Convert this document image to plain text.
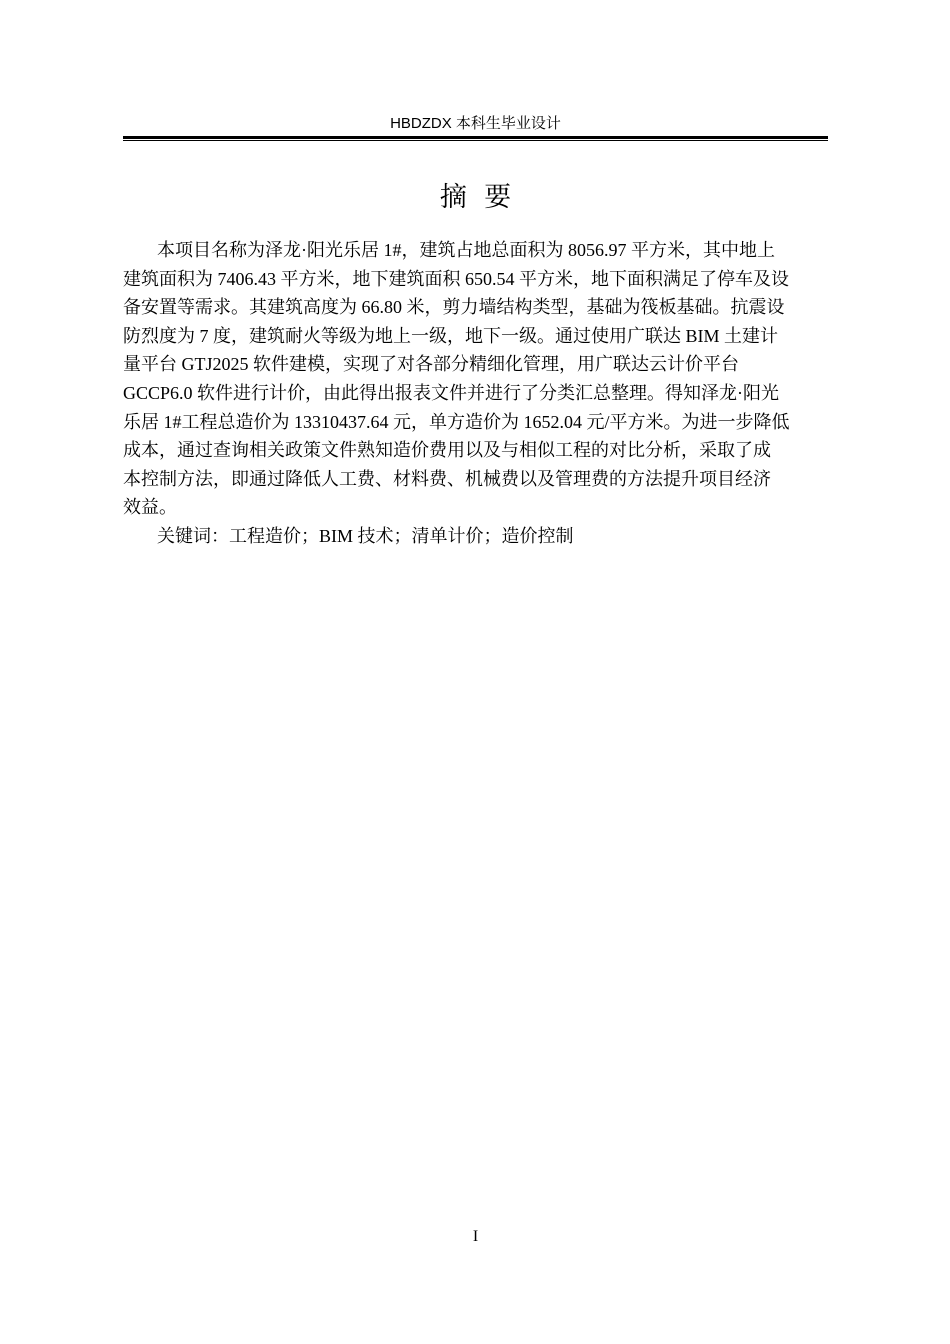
HBDZDX 本科生毕业设计
摘  要
本项目名称为泽龙·阳光乐居 1#，建筑占地总面积为 8056.97 平方米，其中地上
建筑面积为 7406.43 平方米，地下建筑面积 650.54 平方米，地下面积满足了停车及设
备安置等需求。其建筑高度为 66.80 米，剪力墙结构类型，基础为筏板基础。抗震设
防烈度为 7 度，建筑耐火等级为地上一级，地下一级。通过使用广联达 BIM 土建计
量平台 GTJ2025 软件建模，实现了对各部分精细化管理，用广联达云计价平台
GCCP6.0 软件进行计价，由此得出报表文件并进行了分类汇总整理。得知泽龙·阳光
乐居 1#工程总造价为 13310437.64 元，单方造价为 1652.04 元/平方米。为进一步降低
成本，通过查询相关政策文件熟知造价费用以及与相似工程的对比分析，采取了成
本控制方法，即通过降低人工费、材料费、机械费以及管理费的方法提升项目经济
效益。
关键词：工程造价；BIM 技术；清单计价；造价控制
I
